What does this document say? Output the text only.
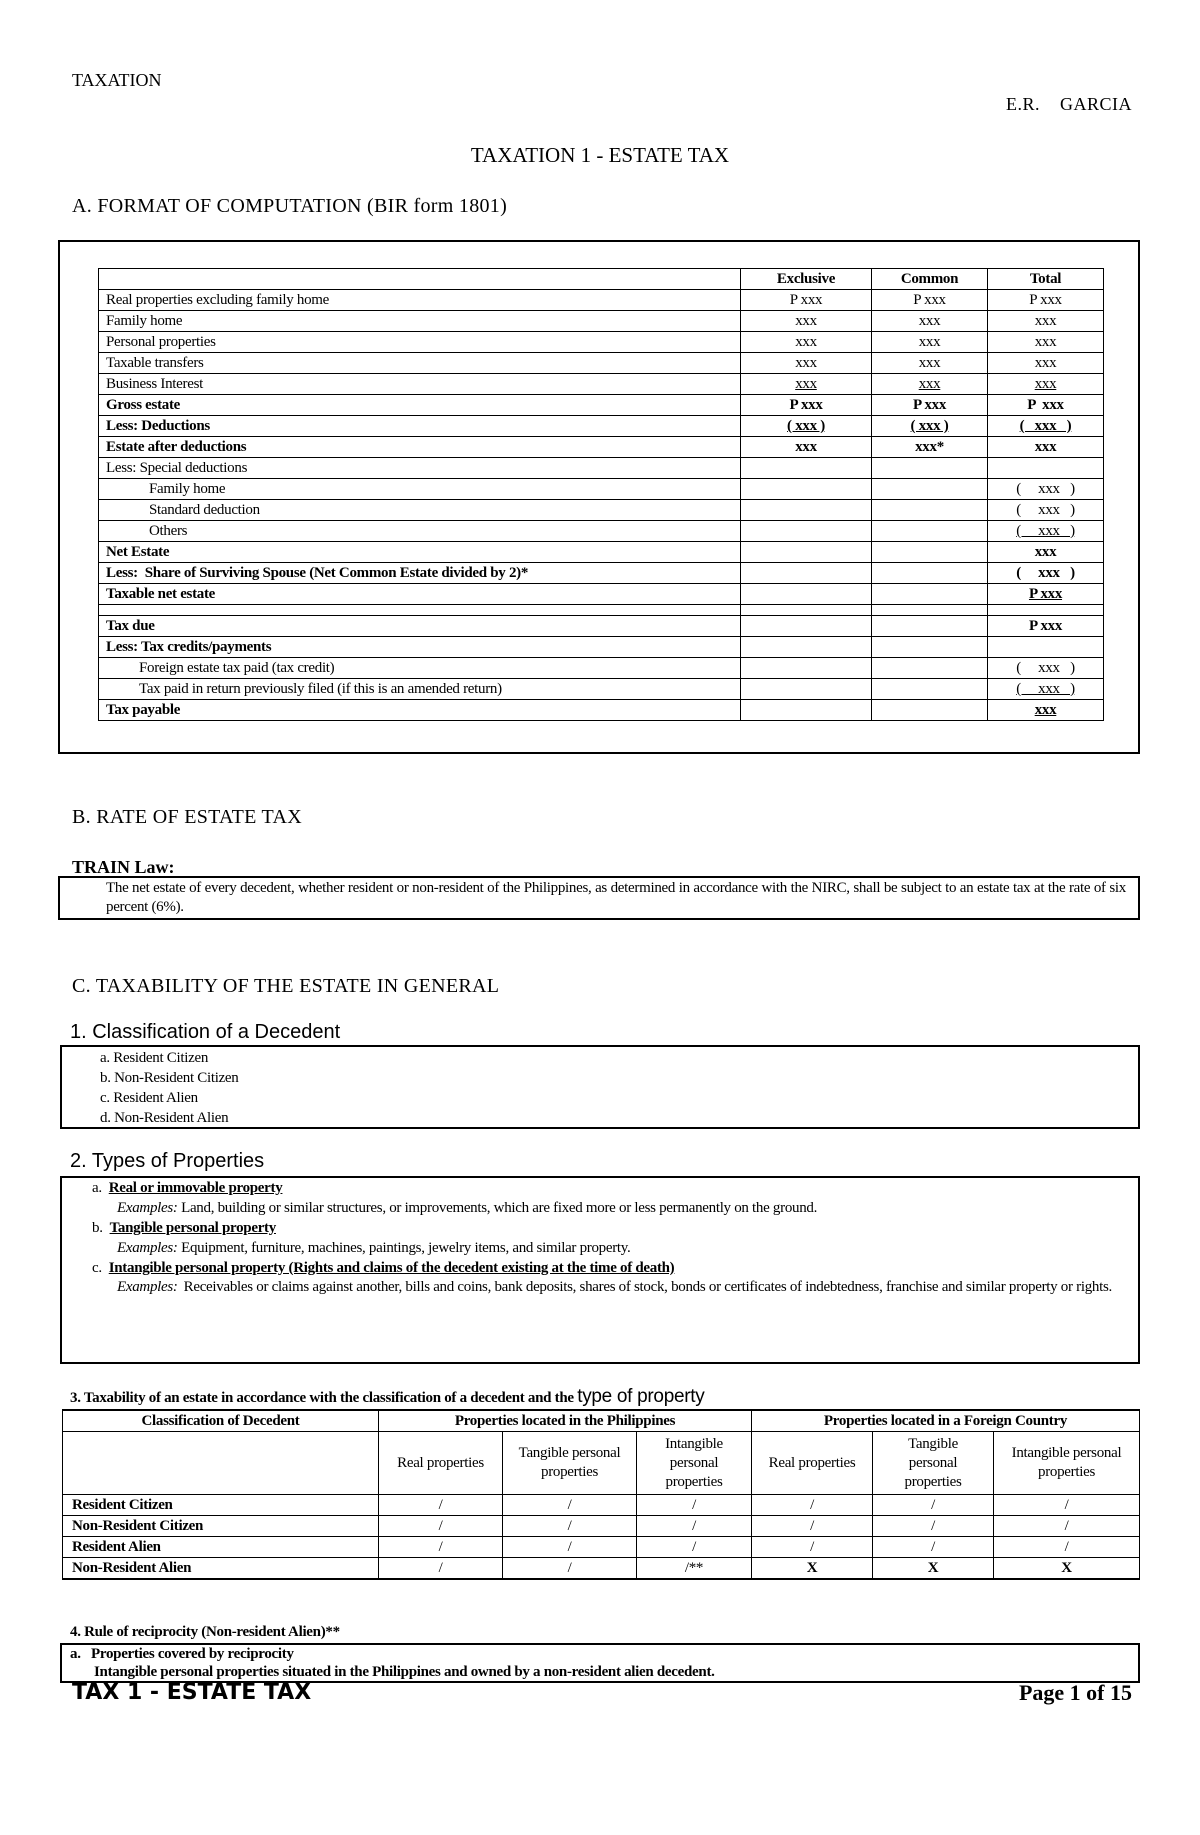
TAXATION
E.R.    GARCIA
TAXATION 1 - ESTATE TAX
A. FORMAT OF COMPUTATION (BIR form 1801)
	Exclusive	Common	Total
Real properties excluding family home	P xxx	P xxx	P xxx
Family home	xxx	xxx	xxx
Personal properties	xxx	xxx	xxx
Taxable transfers	xxx	xxx	xxx
Business Interest	xxx	xxx	xxx
Gross estate	P xxx	P xxx	P  xxx
Less: Deductions	( xxx )	( xxx )	(   xxx   )
Estate after deductions	xxx	xxx*	xxx
Less: Special deductions			
Family home			(     xxx   )
Standard deduction			(     xxx   )
Others			(     xxx   )
Net Estate			xxx
Less:  Share of Surviving Spouse (Net Common Estate divided by 2)*			(     xxx   )
Taxable net estate			P xxx

Tax due			P xxx
Less: Tax credits/payments			
Foreign estate tax paid (tax credit)			(     xxx   )
Tax paid in return previously filed (if this is an amended return)			(     xxx   )
Tax payable			xxx
B. RATE OF ESTATE TAX
TRAIN Law:
The net estate of every decedent, whether resident or non-resident of the Philippines, as determined in accordance with the NIRC, shall be subject to an estate tax at the rate of six percent (6%).
C. TAXABILITY OF THE ESTATE IN GENERAL
1. Classification of a Decedent
a. Resident Citizen
b. Non-Resident Citizen
c. Resident Alien
d. Non-Resident Alien
2. Types of Properties
a. Real or immovable property
Examples: Land, building or similar structures, or improvements, which are fixed more or less permanently on the ground.
b. Tangible personal property
Examples: Equipment, furniture, machines, paintings, jewelry items, and similar property.
c. Intangible personal property (Rights and claims of the decedent existing at the time of death)
Examples: Receivables or claims against another, bills and coins, bank deposits, shares of stock, bonds or certificates of indebtedness, franchise and similar property or rights.
3. Taxability of an estate in accordance with the classification of a decedent and the type of property
Classification of Decedent	Properties located in the Philippines			Properties located in a Foreign Country		
	Real properties	Tangible personal properties	Intangible personal properties	Real properties	Tangible personal properties	Intangible personal properties
Resident Citizen	/	/	/	/	/	/
Non-Resident Citizen	/	/	/	/	/	/
Resident Alien	/	/	/	/	/	/
Non-Resident Alien	/	/	/**	X	X	X
4. Rule of reciprocity (Non-resident Alien)**
a.   Properties covered by reciprocity
Intangible personal properties situated in the Philippines and owned by a non-resident alien decedent.
TAX 1 - ESTATE TAX	Page 1 of 15
